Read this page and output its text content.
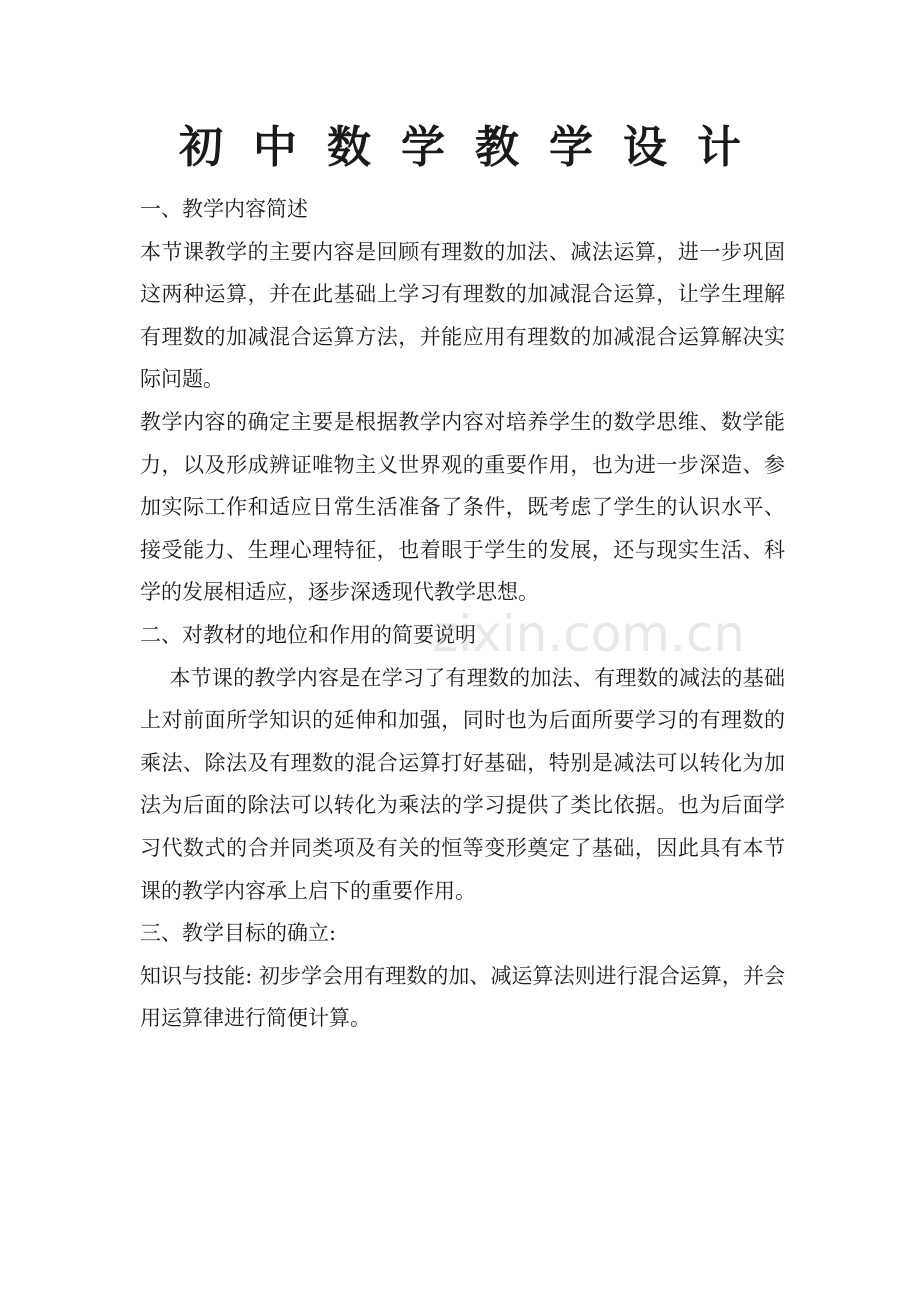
初中数学教学设计

一、教学内容简述

本节课教学的主要内容是回顾有理数的加法、减法运算，进一步巩固这两种运算，并在此基础上学习有理数的加减混合运算，让学生理解有理数的加减混合运算方法，并能应用有理数的加减混合运算解决实际问题。

教学内容的确定主要是根据教学内容对培养学生的数学思维、数学能力，以及形成辨证唯物主义世界观的重要作用，也为进一步深造、参加实际工作和适应日常生活准备了条件，既考虑了学生的认识水平、接受能力、生理心理特征，也着眼于学生的发展，还与现实生活、科学的发展相适应，逐步深透现代教学思想。

二、对教材的地位和作用的简要说明

本节课的教学内容是在学习了有理数的加法、有理数的减法的基础上对前面所学知识的延伸和加强，同时也为后面所要学习的有理数的乘法、除法及有理数的混合运算打好基础，特别是减法可以转化为加法为后面的除法可以转化为乘法的学习提供了类比依据。也为后面学习代数式的合并同类项及有关的恒等变形奠定了基础，因此具有本节课的教学内容承上启下的重要作用。

三、教学目标的确立:

知识与技能: 初步学会用有理数的加、减运算法则进行混合运算，并会用运算律进行简便计算。

zixin.com.cn
